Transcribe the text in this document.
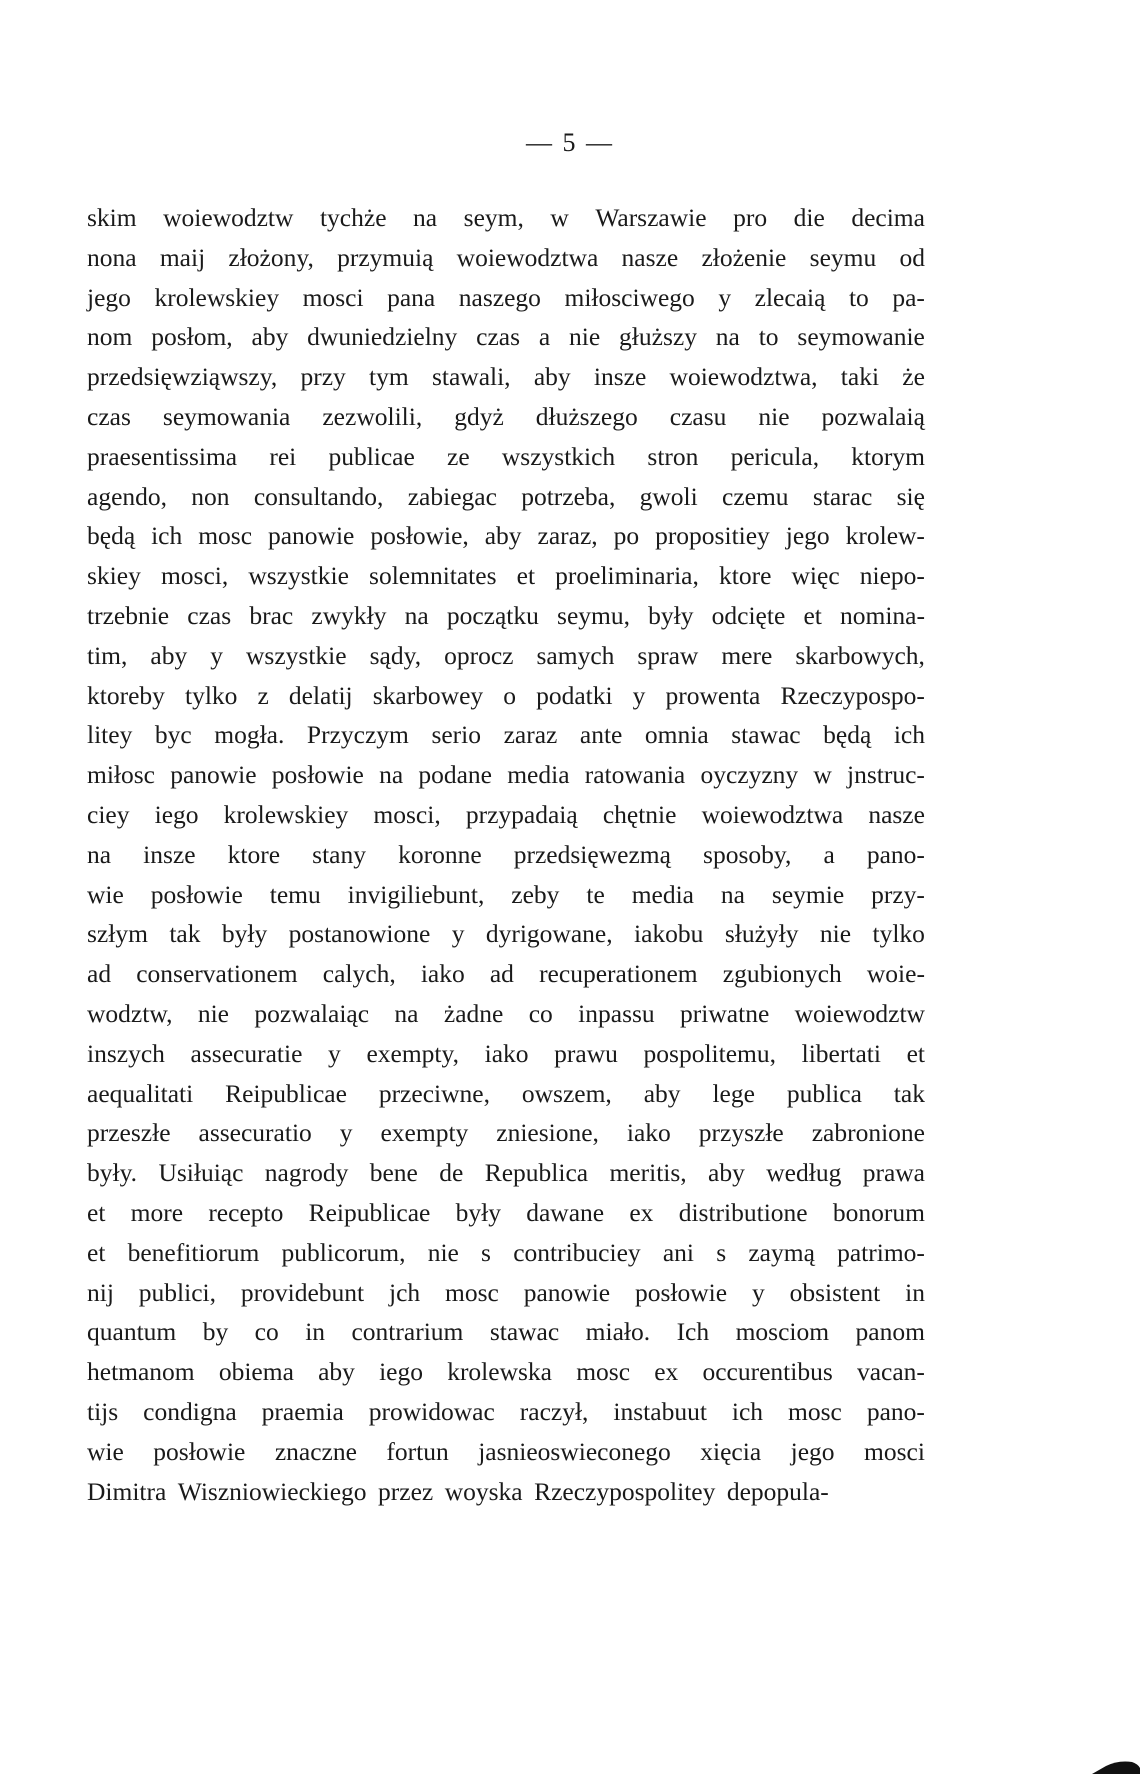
— 5 —
skim woiewodztw tychże na seym, w Warszawie pro die decima
nona maij złożony, przymuią woiewodztwa nasze złożenie seymu od
jego krolewskiey mosci pana naszego miłosciwego y zlecaią to pa-
nom posłom, aby dwuniedzielny czas a nie głuższy na to seymowanie
przedsięwziąwszy, przy tym stawali, aby insze woiewodztwa, taki że
czas seymowania zezwolili, gdyż dłuższego czasu nie pozwalaią
praesentissima rei publicae ze wszystkich stron pericula, ktorym
agendo, non consultando, zabiegac potrzeba, gwoli czemu starac się
będą ich mosc panowie posłowie, aby zaraz, po propositiey jego krolew-
skiey mosci, wszystkie solemnitates et proeliminaria, ktore więc niepo-
trzebnie czas brac zwykły na początku seymu, były odcięte et nomina-
tim, aby y wszystkie sądy, oprocz samych spraw mere skarbowych,
ktoreby tylko z delatij skarbowey o podatki y prowenta Rzeczypospo-
litey byc mogła. Przyczym serio zaraz ante omnia stawac będą ich
miłosc panowie posłowie na podane media ratowania oyczyzny w jnstruc-
ciey iego krolewskiey mosci, przypadaią chętnie woiewodztwa nasze
na insze ktore stany koronne przedsięwezmą sposoby, a pano-
wie posłowie temu invigiliebunt, zeby te media na seymie przy-
szłym tak były postanowione y dyrigowane, iakobu służyły nie tylko
ad conservationem calych, iako ad recuperationem zgubionych woie-
wodztw, nie pozwalaiąc na żadne co inpassu priwatne woiewodztw
inszych assecuratie y exempty, iako prawu pospolitemu, libertati et
aequalitati Reipublicae przeciwne, owszem, aby lege publica tak
przeszłe assecuratio y exempty zniesione, iako przyszłe zabronione
były. Usiłuiąc nagrody bene de Republica meritis, aby według prawa
et more recepto Reipublicae były dawane ex distributione bonorum
et benefitiorum publicorum, nie s contribuciey ani s zaymą patrimo-
nij publici, providebunt jch mosc panowie posłowie y obsistent in
quantum by co in contrarium stawac miało. Ich mosciom panom
hetmanom obiema aby iego krolewska mosc ex occurentibus vacan-
tijs condigna praemia prowidowac raczył, instabuut ich mosc pano-
wie posłowie znaczne fortun jasnieoswieconego xięcia jego mosci
Dimitra Wiszniowieckiego przez woyska Rzeczypospolitey depopula-
